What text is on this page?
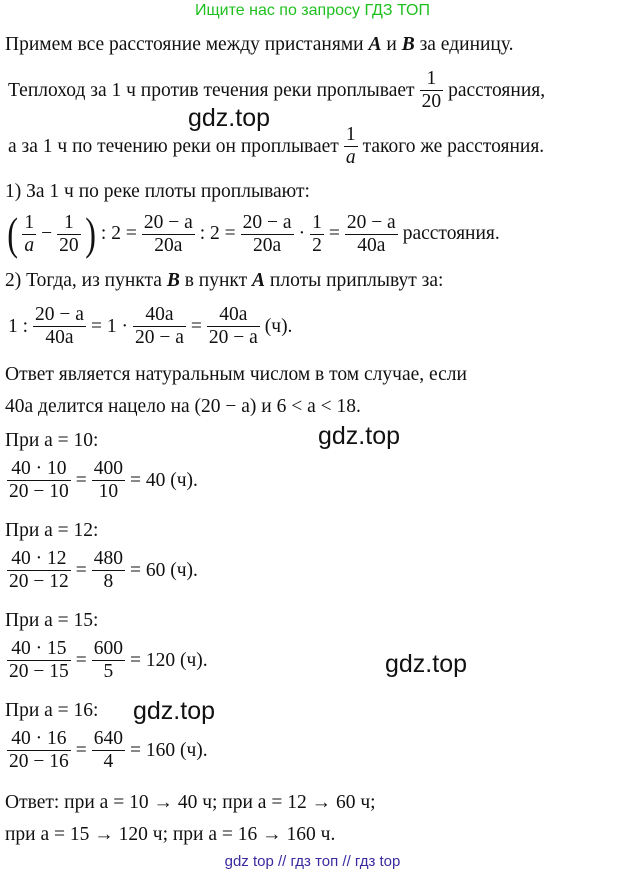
Ищите нас по запросу ГДЗ ТОП
Примем все расстояние между пристанями A и B за единицу.
Теплоход за 1 ч против течения реки проплывает $\frac{1}{20}$ расстояния,
а за 1 ч по течению реки он проплывает $\frac{1}{a}$ такого же расстояния.
1) За 1 ч по реке плоты проплывают:
( $\frac{1}{a} - \frac{1}{20}$ ) : $2 = \frac{20 - a}{20a}$ : $2 = \frac{20 - a}{20a} \cdot \frac{1}{2} = \frac{20 - a}{40a}$ расстояния.
2) Тогда, из пункта B в пункт A плоты приплывут за:
1 : $\frac{20 - a}{40a} = 1 \cdot \frac{40a}{20 - a} = \frac{40a}{20 - a} (ч)$.
Ответ является натуральным числом в том случае, если
40a делится нацело на (20 − a) и 6 < a < 18.
При a = 10:
$\frac{40 \cdot 10}{20 - 10} = \frac{400}{10} = 40$ (ч).
При a = 12:
$\frac{40 \cdot 12}{20 - 12} = \frac{480}{8} = 60$ (ч).
При a = 15:
$\frac{40 \cdot 15}{20 - 15} = \frac{600}{5} = 120$ (ч).
При a = 16:
$\frac{40 \cdot 16}{20 - 16} = \frac{640}{4} = 160$ (ч).
Ответ: при a = 10 → 40 ч; при a = 12 → 60 ч;
при a = 15 → 120 ч; при a = 16 → 160 ч.
gdz.top
gdz.top
gdz.top
gdz.top
gdz top // гдз топ // гдз top
